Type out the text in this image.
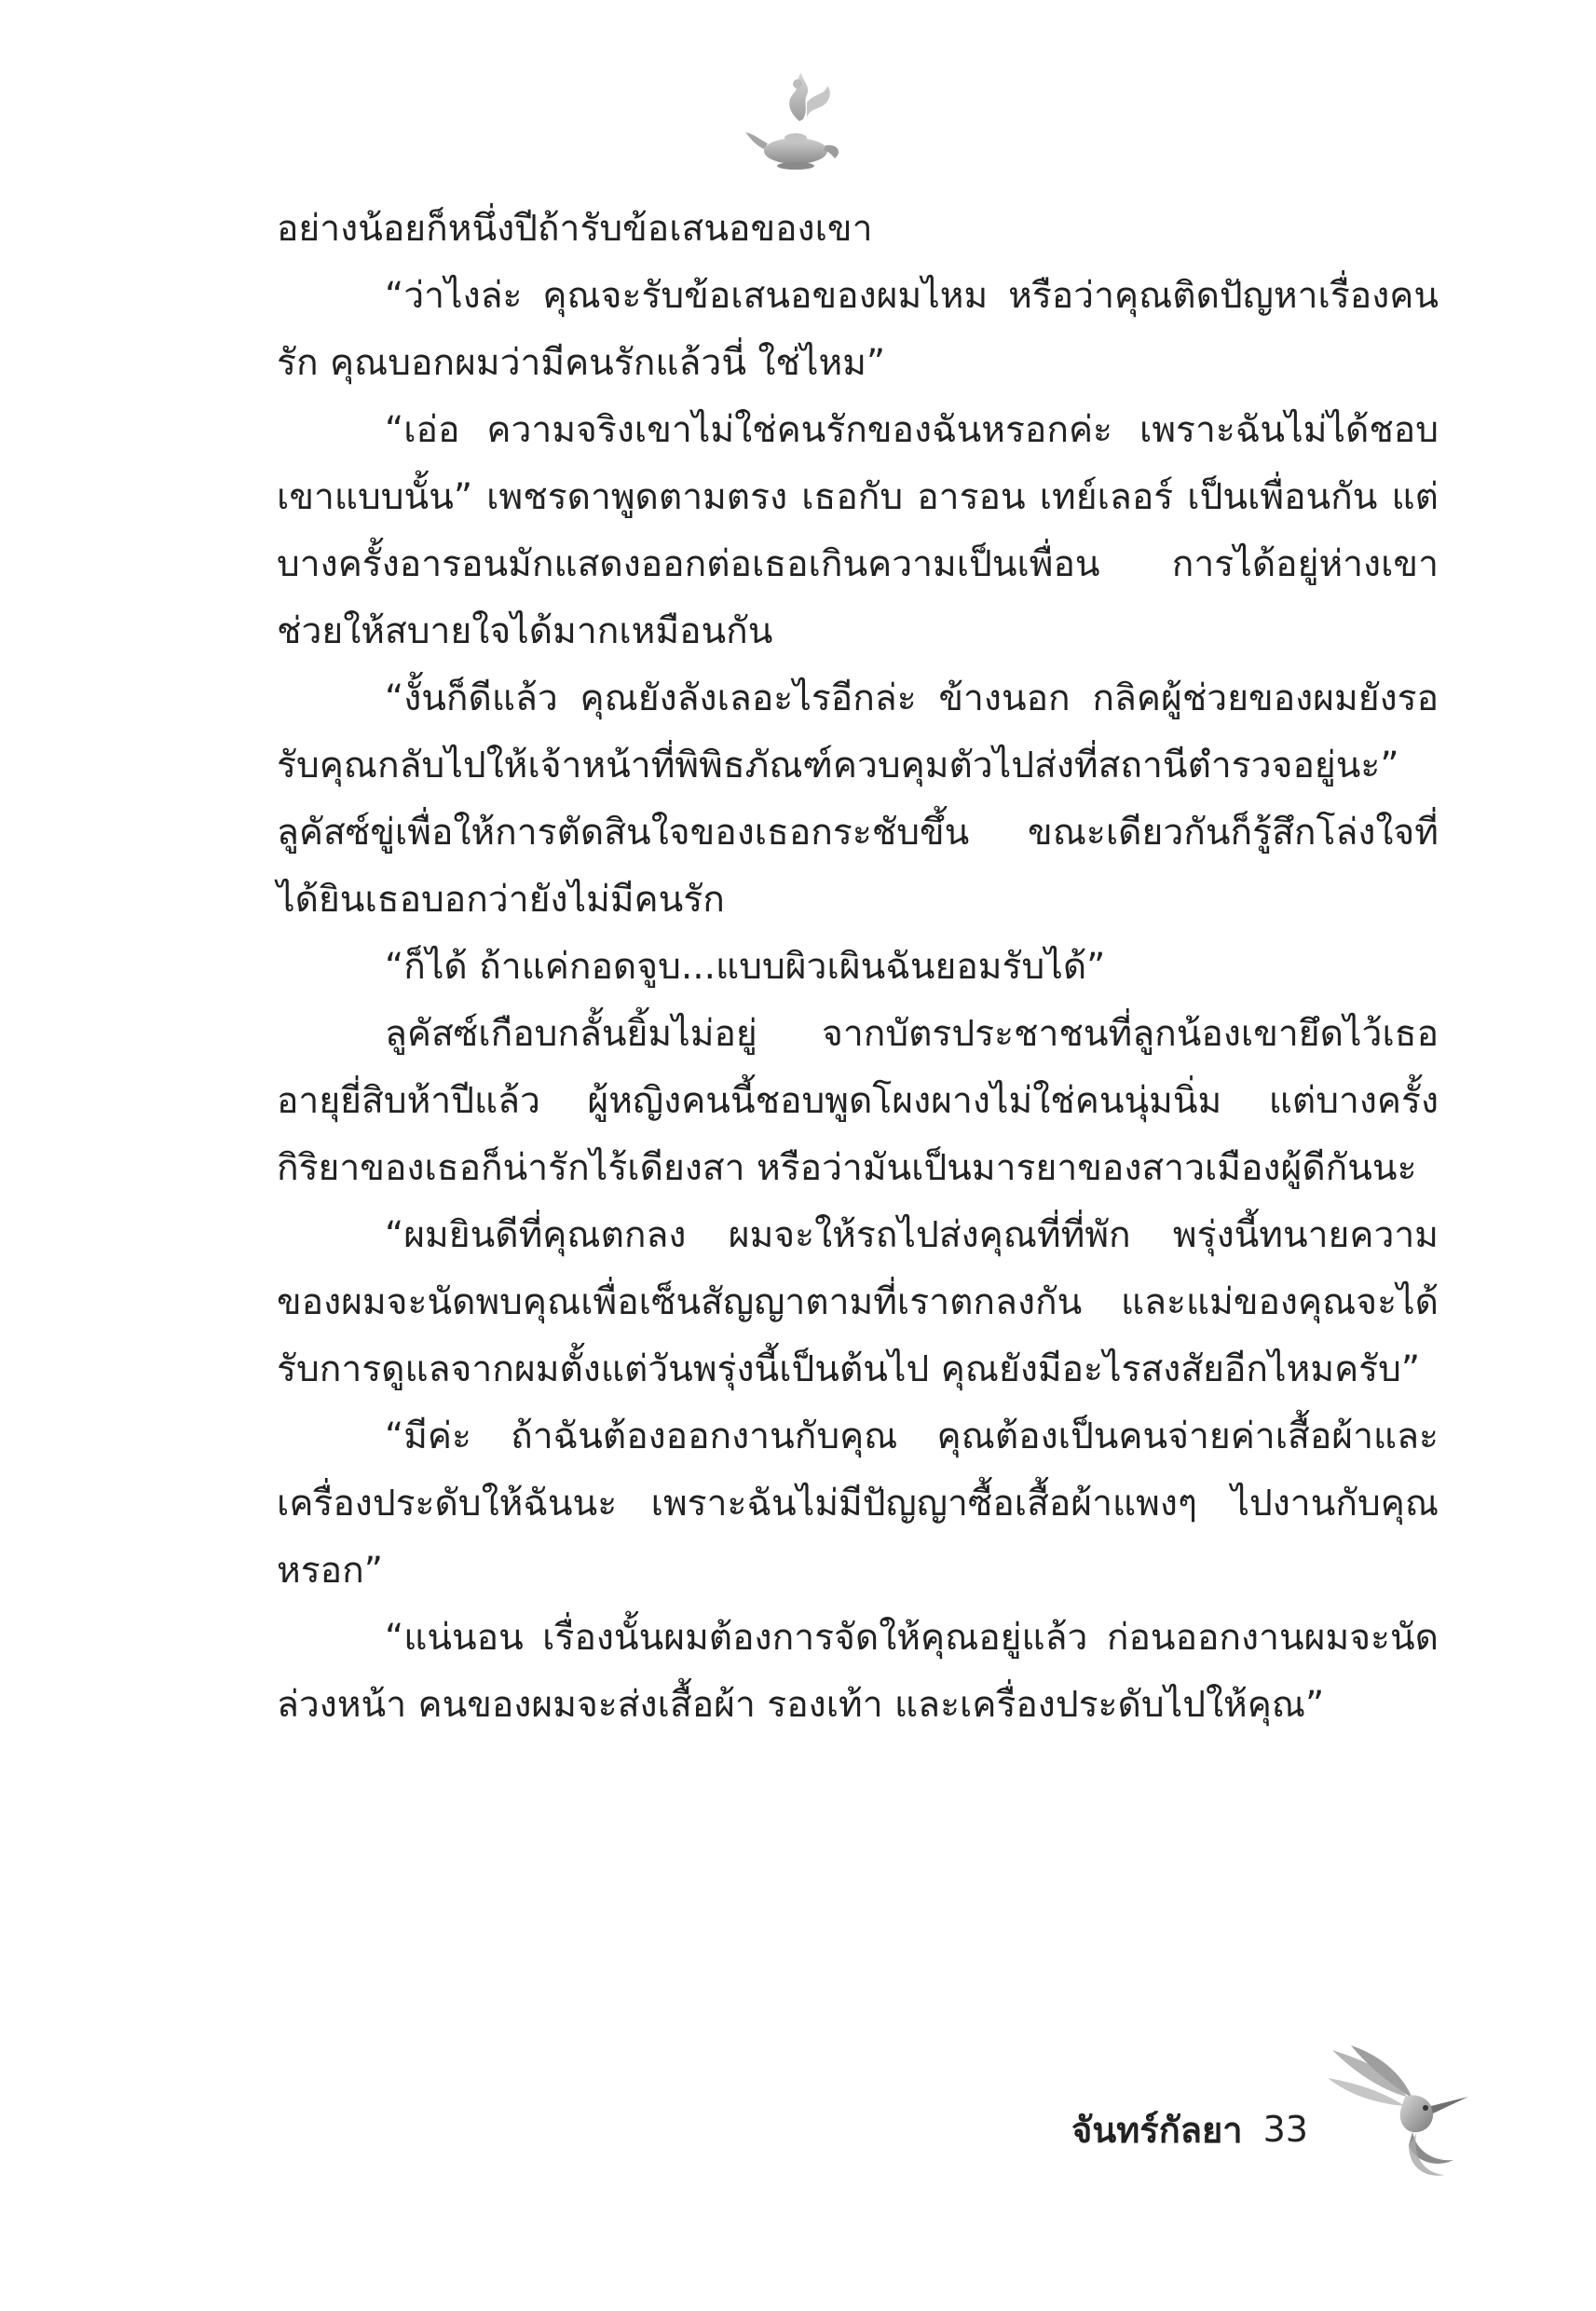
อย่างน้อยก็หนึ่งปีถ้ารับข้อเสนอของเขา

“ว่าไงล่ะ คุณจะรับข้อเสนอของผมไหม หรือว่าคุณติดปัญหาเรื่องคนรัก คุณบอกผมว่ามีคนรักแล้วนี่ ใช่ไหม”

“เอ่อ ความจริงเขาไม่ใช่คนรักของฉันหรอกค่ะ เพราะฉันไม่ได้ชอบเขาแบบนั้น” เพชรดาพูดตามตรง เธอกับ อารอน เทย์เลอร์ เป็นเพื่อนกัน แต่บางครั้งอารอนมักแสดงออกต่อเธอเกินความเป็นเพื่อน การได้อยู่ห่างเขาช่วยให้สบายใจได้มากเหมือนกัน

“งั้นก็ดีแล้ว คุณยังลังเลอะไรอีกล่ะ ข้างนอก กลิคผู้ช่วยของผมยังรอรับคุณกลับไปให้เจ้าหน้าที่พิพิธภัณฑ์ควบคุมตัวไปส่งที่สถานีตำรวจอยู่นะ” ลูคัสซ์ขู่เพื่อให้การตัดสินใจของเธอกระชับขึ้น ขณะเดียวกันก็รู้สึกโล่งใจที่ได้ยินเธอบอกว่ายังไม่มีคนรัก

“ก็ได้ ถ้าแค่กอดจูบ...แบบผิวเผินฉันยอมรับได้”

ลูคัสซ์เกือบกลั้นยิ้มไม่อยู่ จากบัตรประชาชนที่ลูกน้องเขายึดไว้เธออายุยี่สิบห้าปีแล้ว ผู้หญิงคนนี้ชอบพูดโผงผางไม่ใช่คนนุ่มนิ่ม แต่บางครั้งกิริยาของเธอก็น่ารักไร้เดียงสา หรือว่ามันเป็นมารยาของสาวเมืองผู้ดีกันนะ

“ผมยินดีที่คุณตกลง ผมจะให้รถไปส่งคุณที่ที่พัก พรุ่งนี้ทนายความของผมจะนัดพบคุณเพื่อเซ็นสัญญาตามที่เราตกลงกัน และแม่ของคุณจะได้รับการดูแลจากผมตั้งแต่วันพรุ่งนี้เป็นต้นไป คุณยังมีอะไรสงสัยอีกไหมครับ”

“มีค่ะ ถ้าฉันต้องออกงานกับคุณ คุณต้องเป็นคนจ่ายค่าเสื้อผ้าและเครื่องประดับให้ฉันนะ เพราะฉันไม่มีปัญญาซื้อเสื้อผ้าแพงๆ ไปงานกับคุณหรอก”

“แน่นอน เรื่องนั้นผมต้องการจัดให้คุณอยู่แล้ว ก่อนออกงานผมจะนัดล่วงหน้า คนของผมจะส่งเสื้อผ้า รองเท้า และเครื่องประดับไปให้คุณ”

จันทร์กัลยา 33
